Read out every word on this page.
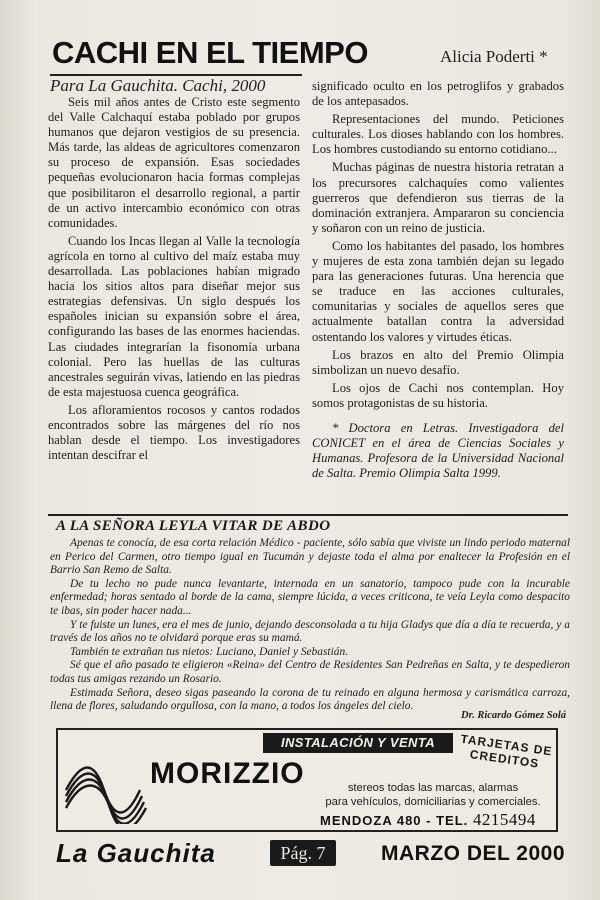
CACHI EN EL TIEMPO	Alicia Poderti *
Para La Gauchita. Cachi, 2000

Seis mil años antes de Cristo este segmento del Valle Calchaquí estaba poblado por grupos humanos que dejaron vestigios de su presencia. Más tarde, las aldeas de agricultores comenzaron su proceso de expansión. Esas sociedades pequeñas evolucionaron hacia formas complejas que posibilitaron el desarrollo regional, a partir de un activo intercambio económico con otras comunidades.

Cuando los Incas llegan al Valle la tecnología agrícola en torno al cultivo del maíz estaba muy desarrollada. Las poblaciones habían migrado hacia los sitios altos para diseñar mejor sus estrategias defensivas. Un siglo después los españoles inician su expansión sobre el área, configurando las bases de las enormes haciendas. Las ciudades integrarían la fisonomía urbana colonial. Pero las huellas de las culturas ancestrales seguirán vivas, latiendo en las piedras de esta majestuosa cuenca geográfica.

Los afloramientos rocosos y cantos rodados encontrados sobre las márgenes del río nos hablan desde el tiempo. Los investigadores intentan descifrar el

significado oculto en los petroglifos y grabados de los antepasados.

Representaciones del mundo. Peticiones culturales. Los dioses hablando con los hombres. Los hombres custodiando su entorno cotidiano...

Muchas páginas de nuestra historia retratan a los precursores calchaquíes como valientes guerreros que defendieron sus tierras de la dominación extranjera. Ampararon su conciencia y soñaron con un reino de justicia.

Como los habitantes del pasado, los hombres y mujeres de esta zona también dejan su legado para las generaciones futuras. Una herencia que se traduce en las acciones culturales, comunitarias y sociales de aquellos seres que actualmente batallan contra la adversidad ostentando los valores y virtudes éticas.

Los brazos en alto del Premio Olimpia simbolizan un nuevo desafío.

Los ojos de Cachi nos contemplan. Hoy somos protagonistas de su historia.

* Doctora en Letras. Investigadora del CONICET en el área de Ciencias Sociales y Humanas. Profesora de la Universidad Nacional de Salta. Premio Olimpia Salta 1999.

A LA SEÑORA LEYLA VITAR DE ABDO

Apenas te conocía, de esa corta relación Médico - paciente, sólo sabía que viviste un lindo periodo maternal en Perico del Carmen, otro tiempo igual en Tucumán y dejaste toda el alma por enaltecer la Profesión en el Barrio San Remo de Salta.

De tu lecho no pude nunca levantarte, internada en un sanatorio, tampoco pude con la incurable enfermedad; horas sentado al borde de la cama, siempre lúcida, a veces criticona, te veía Leyla como despacito te ibas, sin poder hacer nada...

Y te fuiste un lunes, era el mes de junio, dejando desconsolada a tu hija Gladys que día a día te recuerda, y a través de los años no te olvidará porque eras su mamá.

También te extrañan tus nietos: Luciano, Daniel y Sebastián.

Sé que el año pasado te eligieron «Reina» del Centro de Residentes San Pedreñas en Salta, y te despedieron todas tus amigas rezando un Rosario.

Estimada Señora, deseo sigas paseando la corona de tu reinado en alguna hermosa y carismática carroza, llena de flores, saludando orgullosa, con la mano, a todos los ángeles del cielo.

Dr. Ricardo Gómez Solá
INSTALACIÓN Y VENTA	TARJETAS DE CREDITOS
MORIZZIO	stereos todas las marcas, alarmas
para vehículos, domiciliarias y comerciales.
MENDOZA 480 - TEL. 4215494
La Gauchita	Pág. 7	MARZO DEL 2000
